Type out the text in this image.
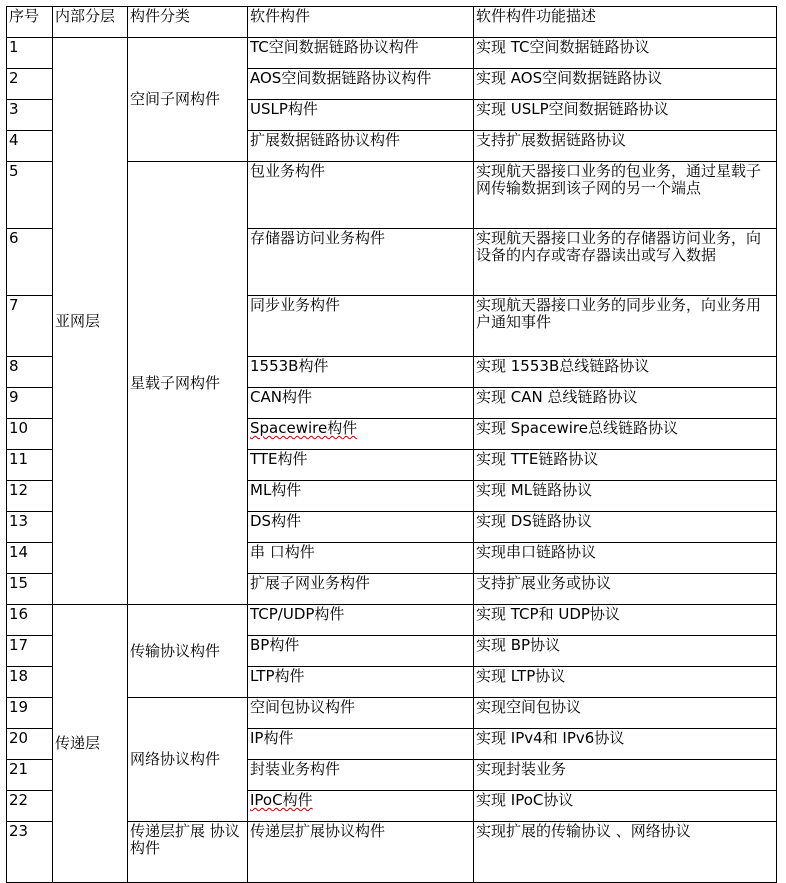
序号	内部分层	构件分类	软件构件	软件构件功能描述
1	亚网层	空间子网构件	TC空间数据链路协议构件	实现 TC空间数据链路协议
2			AOS空间数据链路协议构件	实现 AOS空间数据链路协议
3			USLP构件	实现 USLP空间数据链路协议
4			扩展数据链路协议构件	支持扩展数据链路协议
5		星载子网构件	包业务构件	实现航天器接口业务的包业务，通过星载子网传输数据到该子网的另一个端点
6			存储器访问业务构件	实现航天器接口业务的存储器访问业务，向设备的内存或寄存器读出或写入数据
7			同步业务构件	实现航天器接口业务的同步业务，向业务用户通知事件
8			1553B构件	实现 1553B总线链路协议
9			CAN构件	实现 CAN 总线链路协议
10			Spacewire构件	实现 Spacewire总线链路协议
11			TTE构件	实现 TTE链路协议
12			ML构件	实现 ML链路协议
13			DS构件	实现 DS链路协议
14			串 口构件	实现串口链路协议
15			扩展子网业务构件	支持扩展业务或协议
16	传递层	传输协议构件	TCP/UDP构件	实现 TCP和 UDP协议
17			BP构件	实现 BP协议
18			LTP构件	实现 LTP协议
19		网络协议构件	空间包协议构件	实现空间包协议
20			IP构件	实现 IPv4和 IPv6协议
21			封装业务构件	实现封装业务
22			IPoC构件	实现 IPoC协议
23		传递层扩展 协议构件	传递层扩展协议构件	实现扩展的传输协议 、网络协议
